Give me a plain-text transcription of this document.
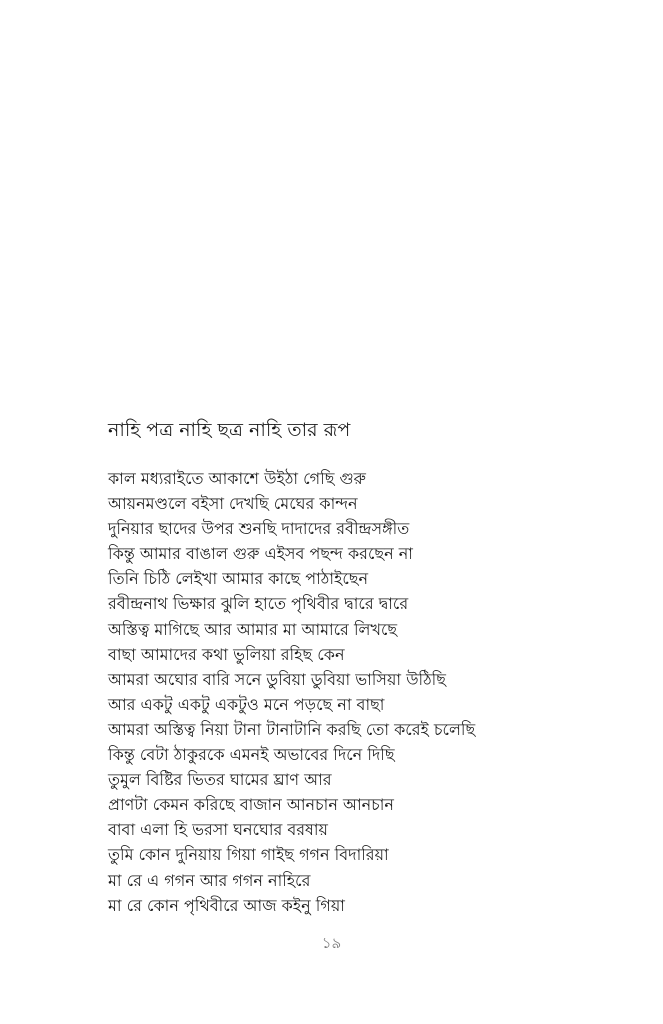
নাহি পত্র নাহি ছত্র নাহি তার রূপ
কাল মধ্যরাইতে আকাশে উইঠা গেছি গুরু
আয়নমণ্ডলে বইসা দেখছি মেঘের কান্দন
দুনিয়ার ছাদের উপর শুনছি দাদাদের রবীন্দ্রসঙ্গীত
কিন্তু আমার বাঙাল গুরু এইসব পছন্দ করছেন না
তিনি চিঠি লেইখা আমার কাছে পাঠাইছেন
রবীন্দ্রনাথ ভিক্ষার ঝুলি হাতে পৃথিবীর দ্বারে দ্বারে
অস্তিত্ব মাগিছে আর আমার মা আমারে লিখছে
বাছা আমাদের কথা ভুলিয়া রহিছ কেন
আমরা অঘোর বারি সনে ডুবিয়া ডুবিয়া ভাসিয়া উঠিছি
আর একটু একটু একটুও মনে পড়ছে না বাছা
আমরা অস্তিত্ব নিয়া টানা টানাটানি করছি তো করেই চলেছি
কিন্তু বেটা ঠাকুরকে এমনই অভাবের দিনে দিছি
তুমুল বিষ্টির ভিতর ঘামের ঘ্রাণ আর
প্রাণটা কেমন করিছে বাজান আনচান আনচান
বাবা এলা হি ভরসা ঘনঘোর বরষায়
তুমি কোন দুনিয়ায় গিয়া গাইছ গগন বিদারিয়া
মা রে এ গগন আর গগন নাহিরে
মা রে কোন পৃথিবীরে আজ কইনু গিয়া
১৯
